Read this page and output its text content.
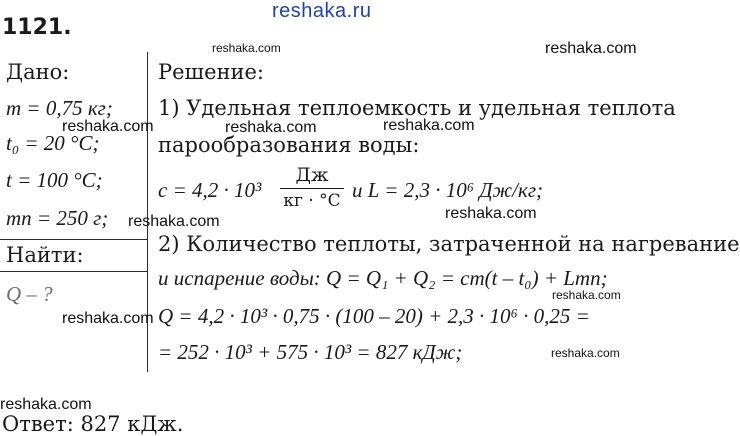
1121.
reshaka.ru
Дано:
m = 0,75 кг;
t₀ = 20 °C;
t = 100 °C;
mп = 250 г;
Найти:
Q – ?
Решение:
1) Удельная теплоемкость и удельная теплота
парообразования воды:
c = 4,2 · 10³
Дж
кг · °C и L = 2,3 · 10⁶ Дж/кг;
2) Количество теплоты, затраченной на нагревание
и испарение воды: Q = Q₁ + Q₂ = cm(t – t₀) + Lmп;
Q = 4,2 · 10³ · 0,75 · (100 – 20) + 2,3 · 10⁶ · 0,25 =
= 252 · 10³ + 575 · 10³ = 827 кДж;
Ответ: 827 кДж.
reshaka.com	reshaka.com
reshaka.com	reshaka.com	reshaka.com
reshaka.com
reshaka.com
reshaka.com
reshaka.com
reshaka.com
reshaka.com
